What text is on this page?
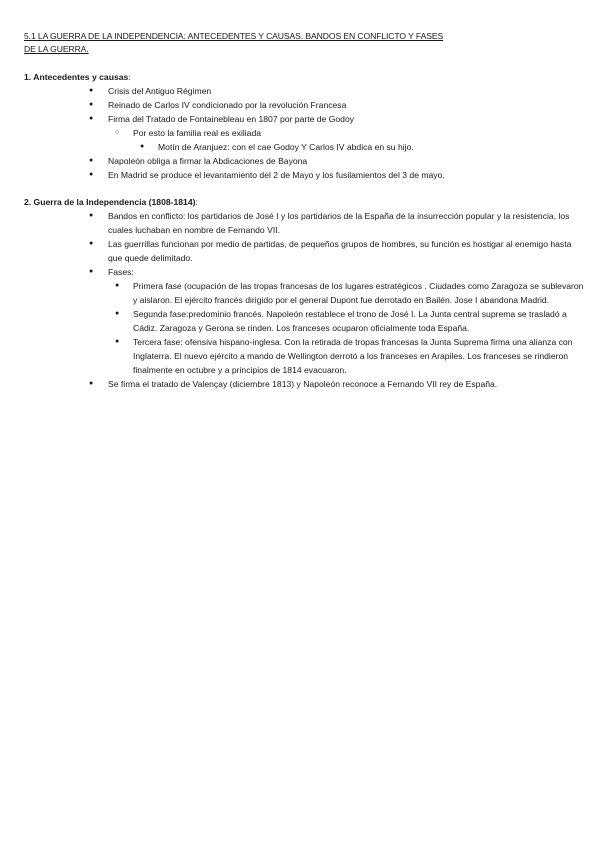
5.1 LA GUERRA DE LA INDEPENDENCIA: ANTECEDENTES Y CAUSAS. BANDOS EN CONFLICTO Y FASES
DE LA GUERRA.
1. Antecedentes y causas:
● Crisis del Antiguo Régimen
● Reinado de Carlos IV condicionado por la revolución Francesa
● Firma del Tratado de Fontainebleau en 1807 por parte de Godoy
○ Por esto la familia real es exiliada
● Motín de Aranjuez: con el cae Godoy Y Carlos IV abdica en su hijo.
● Napoleón obliga a firmar la Abdicaciones de Bayona
● En Madrid se produce el levantamiento del 2 de Mayo y los fusilamientos del 3 de mayo.
2. Guerra de la Independencia (1808-1814):
● Bandos en conflicto: los partidarios de José I y los partidarios de la España de la insurrección popular y la resistencia, los cuales luchaban en nombre de Fernando VII.
● Las guerrillas funcionan por medio de partidas, de pequeños grupos de hombres, su función es hostigar al enemigo hasta que quede delimitado.
● Fases:
● Primera fase (ocupación de las tropas francesas de los lugares estratégicos . Ciudades como Zaragoza se sublevaron y aislaron. El ejército francés dirigido por el general Dupont fue derrotado en Bailén. Jose I abandona Madrid.
● Segunda fase:predominio francés. Napoleón restablece el trono de José I. La Junta central suprema se trasladó a Cádiz. Zaragoza y Gerona se rinden. Los franceses ocuparon oficialmente toda España.
● Tercera fase: ofensiva hispano-inglesa. Con la retirada de tropas francesas la Junta Suprema firma una alianza con Inglaterra. El nuevo ejército a mando de Wellington derrotó a los franceses en Arapiles. Los franceses se rindieron finalmente en octubre y a principios de 1814 evacuaron.
● Se firma el tratado de Valençay (diciembre 1813) y Napoleón reconoce a Fernando VII rey de España.
